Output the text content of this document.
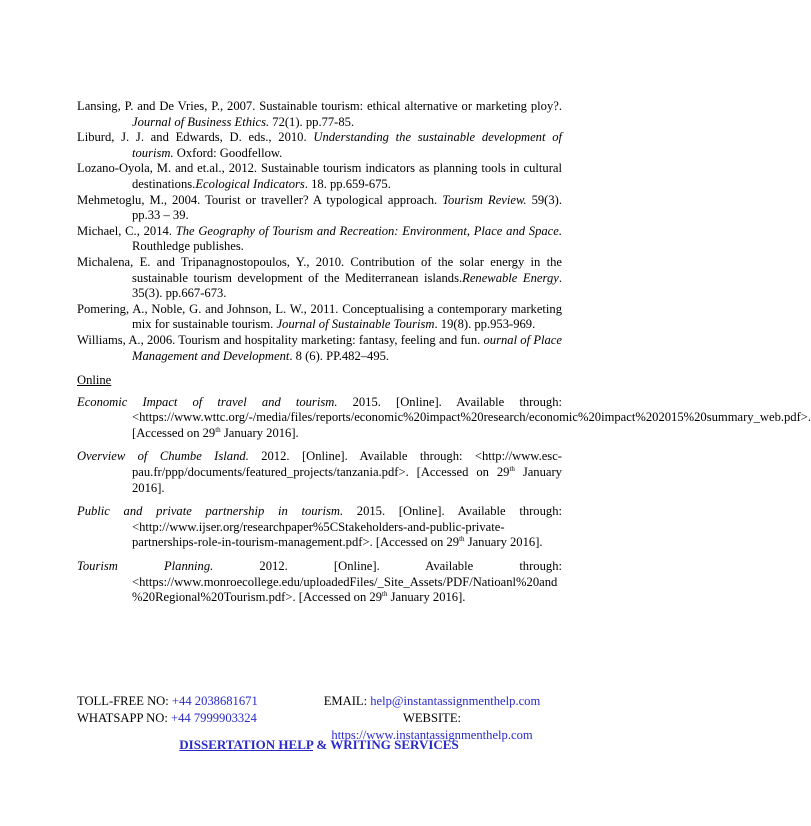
Lansing, P. and De Vries, P., 2007. Sustainable tourism: ethical alternative or marketing ploy?. Journal of Business Ethics. 72(1). pp.77-85.

Liburd, J. J. and Edwards, D. eds., 2010. Understanding the sustainable development of tourism. Oxford: Goodfellow.

Lozano-Oyola, M. and et.al., 2012. Sustainable tourism indicators as planning tools in cultural destinations.Ecological Indicators. 18. pp.659-675.

Mehmetoglu, M., 2004. Tourist or traveller? A typological approach. Tourism Review. 59(3). pp.33 – 39.

Michael, C., 2014. The Geography of Tourism and Recreation: Environment, Place and Space. Routhledge publishes.

Michalena, E. and Tripanagnostopoulos, Y., 2010. Contribution of the solar energy in the sustainable tourism development of the Mediterranean islands.Renewable Energy. 35(3). pp.667-673.

Pomering, A., Noble, G. and Johnson, L. W., 2011. Conceptualising a contemporary marketing mix for sustainable tourism. Journal of Sustainable Tourism. 19(8). pp.953-969.

Williams, A., 2006. Tourism and hospitality marketing: fantasy, feeling and fun. ournal of Place Management and Development. 8 (6). PP.482–495.

Online

Economic Impact of travel and tourism. 2015. [Online]. Available through: <https://www.wttc.org/-/media/files/reports/economic%20impact%20research/economic%20impact%202015%20summary_web.pdf>. [Accessed on 29th January 2016].

Overview of Chumbe Island. 2012. [Online]. Available through: <http://www.esc-pau.fr/ppp/documents/featured_projects/tanzania.pdf>. [Accessed on 29th January 2016].

Public and private partnership in tourism. 2015. [Online]. Available through: <http://www.ijser.org/researchpaper%5CStakeholders-and-public-private-partnerships-role-in-tourism-management.pdf>. [Accessed on 29th January 2016].

Tourism Planning. 2012. [Online]. Available through: <https://www.monroecollege.edu/uploadedFiles/_Site_Assets/PDF/Natioanl%20and %20Regional%20Tourism.pdf>. [Accessed on 29th January 2016].

TOLL-FREE NO: +44 2038681671	EMAIL: help@instantassignmenthelp.com
WHATSAPP NO: +44 7999903324	WEBSITE: https://www.instantassignmenthelp.com
DISSERTATION HELP & WRITING SERVICES
